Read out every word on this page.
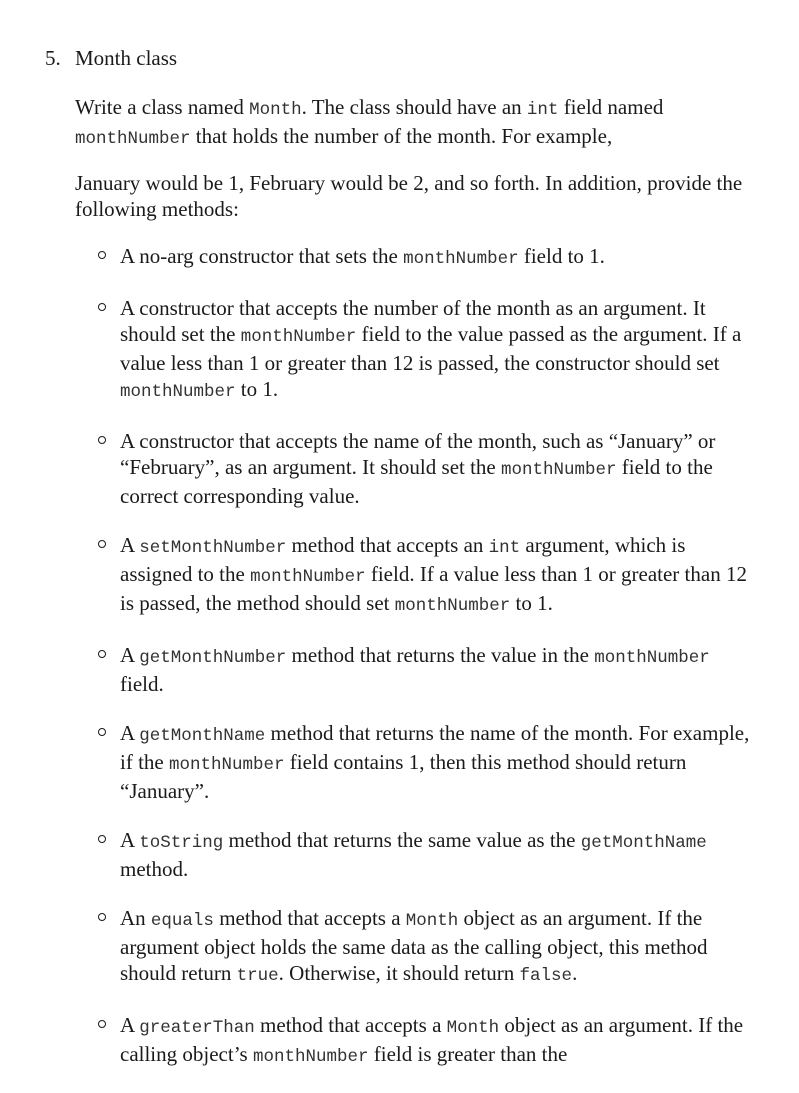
5. Month class

Write a class named Month. The class should have an int field named monthNumber that holds the number of the month. For example,

January would be 1, February would be 2, and so forth. In addition, provide the following methods:

A no-arg constructor that sets the monthNumber field to 1.
A constructor that accepts the number of the month as an argument. It should set the monthNumber field to the value passed as the argument. If a value less than 1 or greater than 12 is passed, the constructor should set monthNumber to 1.
A constructor that accepts the name of the month, such as “January” or “February”, as an argument. It should set the monthNumber field to the correct corresponding value.
A setMonthNumber method that accepts an int argument, which is assigned to the monthNumber field. If a value less than 1 or greater than 12 is passed, the method should set monthNumber to 1.
A getMonthNumber method that returns the value in the monthNumber field.
A getMonthName method that returns the name of the month. For example, if the monthNumber field contains 1, then this method should return “January”.
A toString method that returns the same value as the getMonthName method.
An equals method that accepts a Month object as an argument. If the argument object holds the same data as the calling object, this method should return true. Otherwise, it should return false.
A greaterThan method that accepts a Month object as an argument. If the calling object’s monthNumber field is greater than the
